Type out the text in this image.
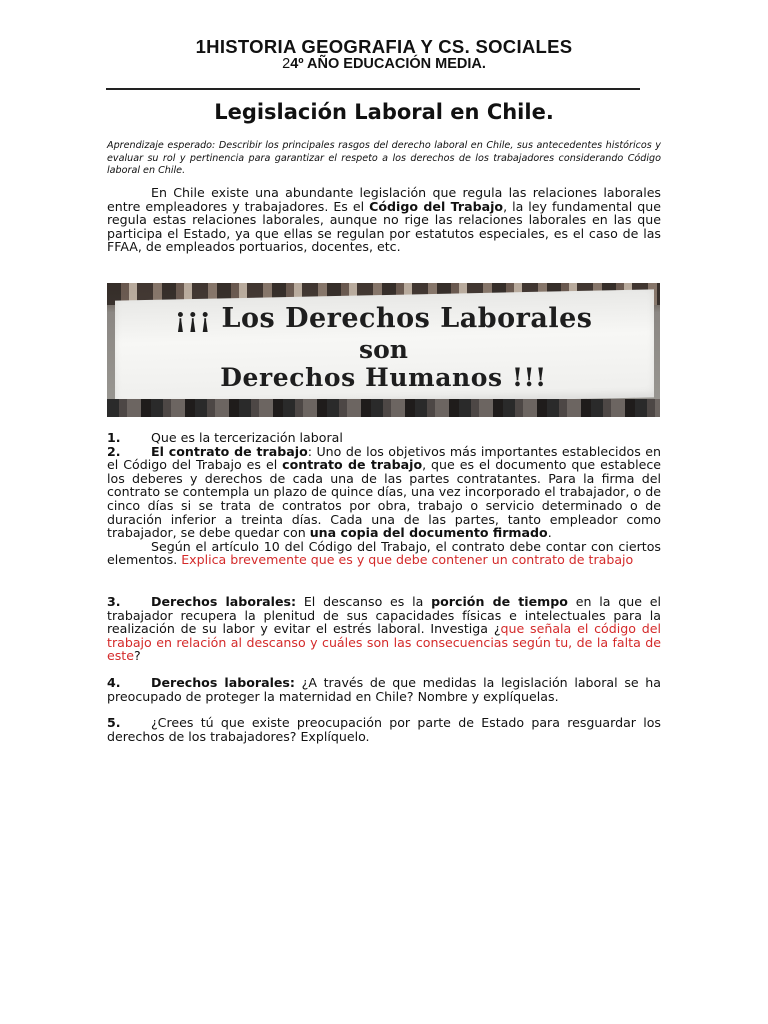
1HISTORIA GEOGRAFIA Y CS. SOCIALES
24º AÑO EDUCACIÓN MEDIA.
Legislación Laboral en Chile.
Aprendizaje esperado: Describir los principales rasgos del derecho laboral en Chile, sus antecedentes históricos y evaluar su rol y pertinencia para garantizar el respeto a los derechos de los trabajadores considerando Código laboral en Chile.
En Chile existe una abundante legislación que regula las relaciones laborales entre empleadores y trabajadores. Es el Código del Trabajo, la ley fundamental que regula estas relaciones laborales, aunque no rige las relaciones laborales en las que participa el Estado, ya que ellas se regulan por estatutos especiales, es el caso de las FFAA, de empleados portuarios, docentes, etc.
¡¡¡ Los Derechos Laborales
son
Derechos Humanos !!!
1. Que es la tercerización laboral
2. El contrato de trabajo: Uno de los objetivos más importantes establecidos en el Código del Trabajo es el contrato de trabajo, que es el documento que establece los deberes y derechos de cada una de las partes contratantes. Para la firma del contrato se contempla un plazo de quince días, una vez incorporado el trabajador, o de cinco días si se trata de contratos por obra, trabajo o servicio determinado o de duración inferior a treinta días. Cada una de las partes, tanto empleador como trabajador, se debe quedar con una copia del documento firmado.
Según el artículo 10 del Código del Trabajo, el contrato debe contar con ciertos elementos. Explica brevemente que es y que debe contener un contrato de trabajo
3. Derechos laborales: El descanso es la porción de tiempo en la que el trabajador recupera la plenitud de sus capacidades físicas e intelectuales para la realización de su labor y evitar el estrés laboral. Investiga ¿que señala el código del trabajo en relación al descanso y cuáles son las consecuencias según tu, de la falta de este?
4. Derechos laborales: ¿A través de que medidas la legislación laboral se ha preocupado de proteger la maternidad en Chile? Nombre y explíquelas.
5. ¿Crees tú que existe preocupación por parte de Estado para resguardar los derechos de los trabajadores? Explíquelo.
